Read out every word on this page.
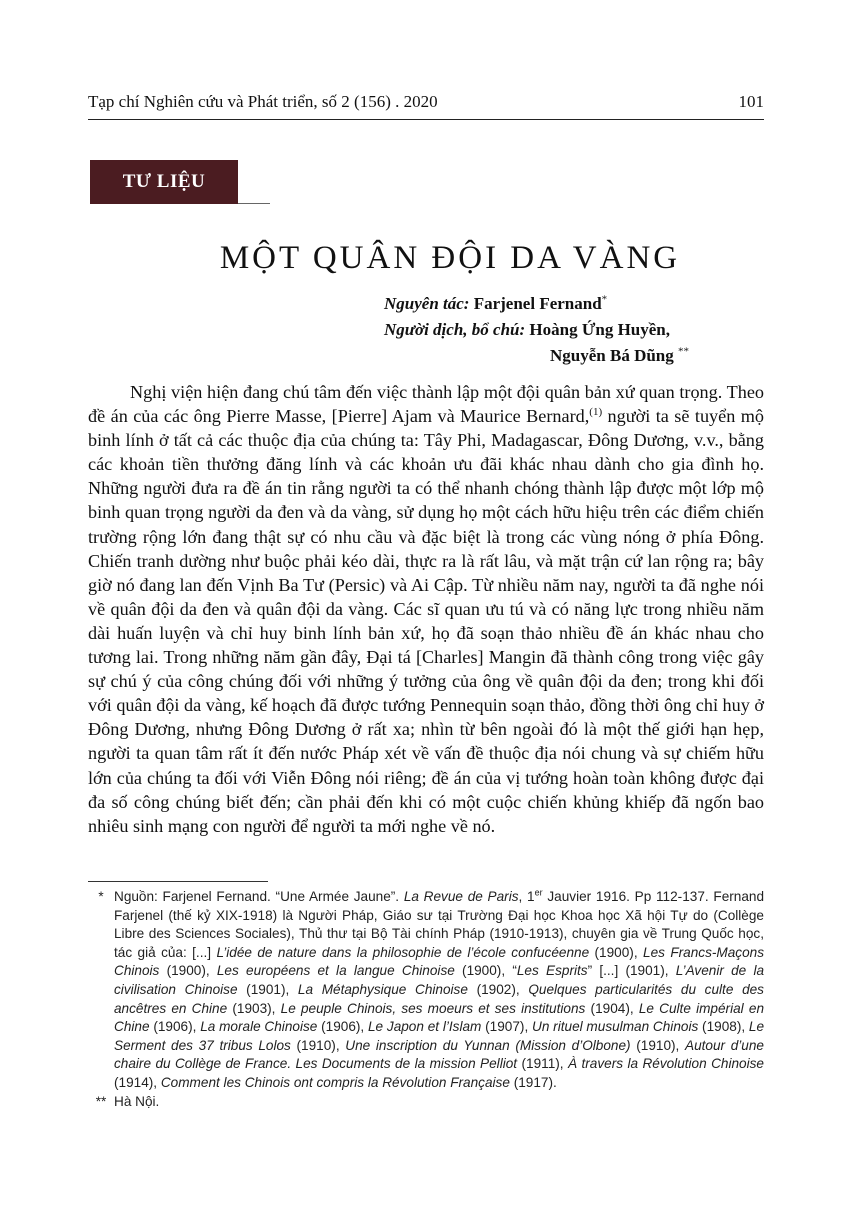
Tạp chí Nghiên cứu và Phát triển, số 2 (156) . 2020	101
TƯ LIỆU
MỘT QUÂN ĐỘI DA VÀNG
Nguyên tác: Farjenel Fernand*
Người dịch, bổ chú: Hoàng Ứng Huyền,
Nguyễn Bá Dũng **

Nghị viện hiện đang chú tâm đến việc thành lập một đội quân bản xứ quan trọng. Theo đề án của các ông Pierre Masse, [Pierre] Ajam và Maurice Bernard,$^{(1)}$ người ta sẽ tuyển mộ binh lính ở tất cả các thuộc địa của chúng ta: Tây Phi, Madagascar, Đông Dương, v.v., bằng các khoản tiền thưởng đăng lính và các khoản ưu đãi khác nhau dành cho gia đình họ. Những người đưa ra đề án tin rằng người ta có thể nhanh chóng thành lập được một lớp mộ binh quan trọng người da đen và da vàng, sử dụng họ một cách hữu hiệu trên các điểm chiến trường rộng lớn đang thật sự có nhu cầu và đặc biệt là trong các vùng nóng ở phía Đông. Chiến tranh dường như buộc phải kéo dài, thực ra là rất lâu, và mặt trận cứ lan rộng ra; bây giờ nó đang lan đến Vịnh Ba Tư (Persic) và Ai Cập. Từ nhiều năm nay, người ta đã nghe nói về quân đội da đen và quân đội da vàng. Các sĩ quan ưu tú và có năng lực trong nhiều năm dài huấn luyện và chỉ huy binh lính bản xứ, họ đã soạn thảo nhiều đề án khác nhau cho tương lai. Trong những năm gần đây, Đại tá [Charles] Mangin đã thành công trong việc gây sự chú ý của công chúng đối với những ý tưởng của ông về quân đội da đen; trong khi đối với quân đội da vàng, kế hoạch đã được tướng Pennequin soạn thảo, đồng thời ông chỉ huy ở Đông Dương, nhưng Đông Dương ở rất xa; nhìn từ bên ngoài đó là một thế giới hạn hẹp, người ta quan tâm rất ít đến nước Pháp xét về vấn đề thuộc địa nói chung và sự chiếm hữu lớn của chúng ta đối với Viễn Đông nói riêng; đề án của vị tướng hoàn toàn không được đại đa số công chúng biết đến; cần phải đến khi có một cuộc chiến khủng khiếp đã ngốn bao nhiêu sinh mạng con người để người ta mới nghe về nó.

* Nguồn: Farjenel Fernand. “Une Armée Jaune”. La Revue de Paris, 1er Jauvier 1916. Pp 112-137. Fernand Farjenel (thế kỷ XIX-1918) là Người Pháp, Giáo sư tại Trường Đại học Khoa học Xã hội Tự do (Collège Libre des Sciences Sociales), Thủ thư tại Bộ Tài chính Pháp (1910-1913), chuyên gia về Trung Quốc học, tác giả của: [...] L’idée de nature dans la philosophie de l’école confucéenne (1900), Les Francs-Maçons Chinois (1900), Les européens et la langue Chinoise (1900), “Les Esprits” [...] (1901), L’Avenir de la civilisation Chinoise (1901), La Métaphysique Chinoise (1902), Quelques particularités du culte des ancêtres en Chine (1903), Le peuple Chinois, ses moeurs et ses institutions (1904), Le Culte impérial en Chine (1906), La morale Chinoise (1906), Le Japon et l’Islam (1907), Un rituel musulman Chinois (1908), Le Serment des 37 tribus Lolos (1910), Une inscription du Yunnan (Mission d’Olbone) (1910), Autour d’une chaire du Collège de France. Les Documents de la mission Pelliot (1911), À travers la Révolution Chinoise (1914), Comment les Chinois ont compris la Révolution Française (1917).
** Hà Nội.
